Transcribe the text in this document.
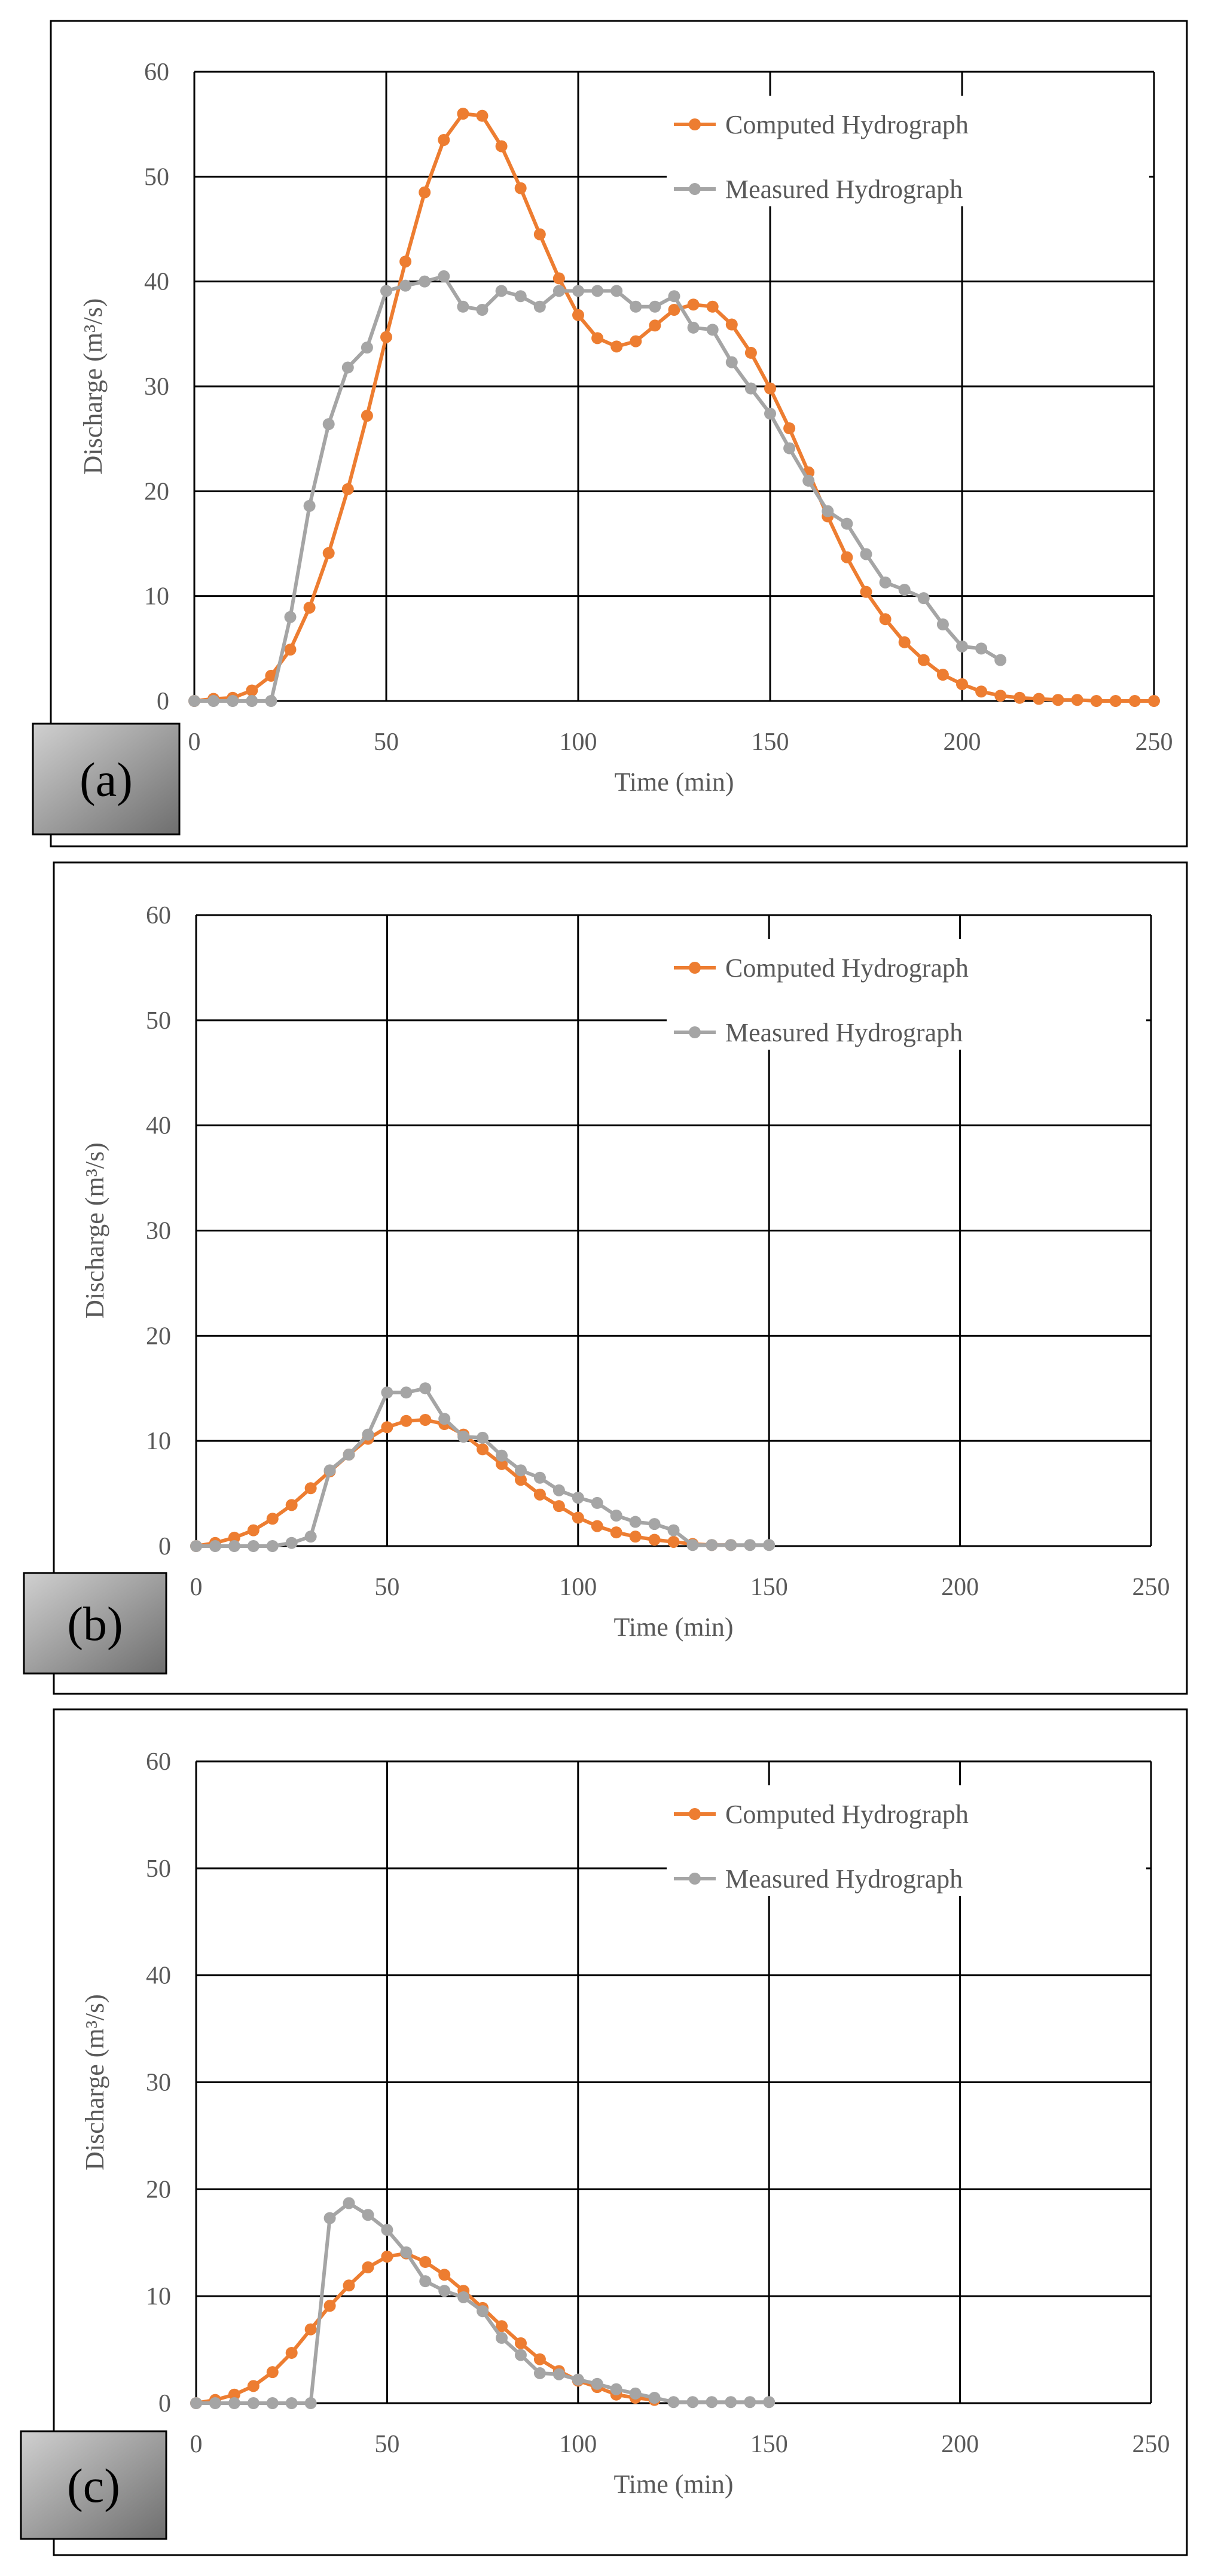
0
10
20
30
40
50
60
0	50	100	150	200	250
Time (min)
Discharge (m³/s)
Computed Hydrograph
Measured Hydrograph
(a)
0
10
20
30
40
50
60
0	50	100	150	200	250
Time (min)
Discharge (m³/s)
Computed Hydrograph
Measured Hydrograph
(b)
0
10
20
30
40
50
60
0	50	100	150	200	250
Time (min)
Discharge (m³/s)
Computed Hydrograph
Measured Hydrograph
(c)
